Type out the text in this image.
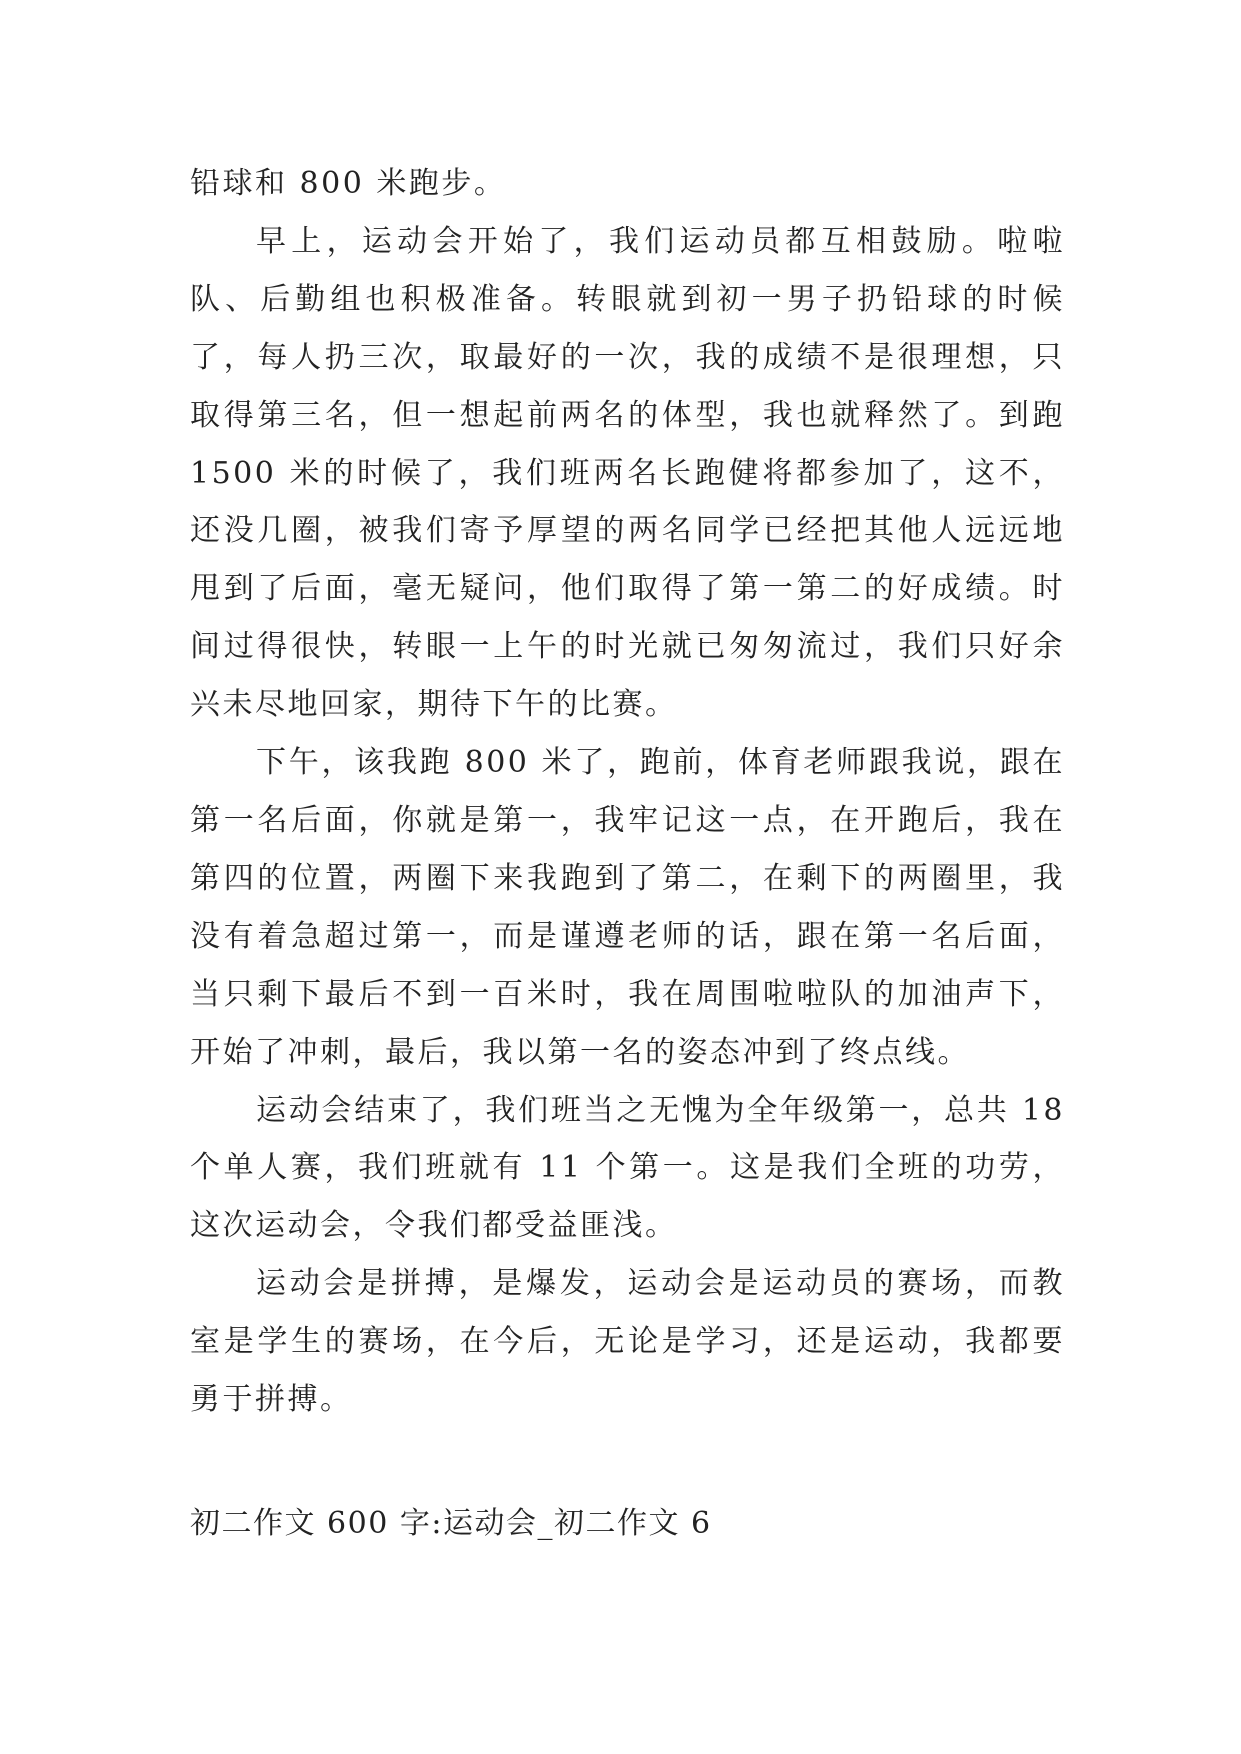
铅球和 800 米跑步。

早上，运动会开始了，我们运动员都互相鼓励。啦啦队、后勤组也积极准备。转眼就到初一男子扔铅球的时候了，每人扔三次，取最好的一次，我的成绩不是很理想，只取得第三名，但一想起前两名的体型，我也就释然了。到跑 1500 米的时候了，我们班两名长跑健将都参加了，这不，还没几圈，被我们寄予厚望的两名同学已经把其他人远远地甩到了后面，毫无疑问，他们取得了第一第二的好成绩。时间过得很快，转眼一上午的时光就已匆匆流过，我们只好余兴未尽地回家，期待下午的比赛。

下午，该我跑 800 米了，跑前，体育老师跟我说，跟在第一名后面，你就是第一，我牢记这一点，在开跑后，我在第四的位置，两圈下来我跑到了第二，在剩下的两圈里，我没有着急超过第一，而是谨遵老师的话，跟在第一名后面，当只剩下最后不到一百米时，我在周围啦啦队的加油声下，开始了冲刺，最后，我以第一名的姿态冲到了终点线。

运动会结束了，我们班当之无愧为全年级第一，总共 18 个单人赛，我们班就有 11 个第一。这是我们全班的功劳，这次运动会，令我们都受益匪浅。

运动会是拼搏，是爆发，运动会是运动员的赛场，而教室是学生的赛场，在今后，无论是学习，还是运动，我都要勇于拼搏。

初二作文 600 字:运动会_初二作文 6
